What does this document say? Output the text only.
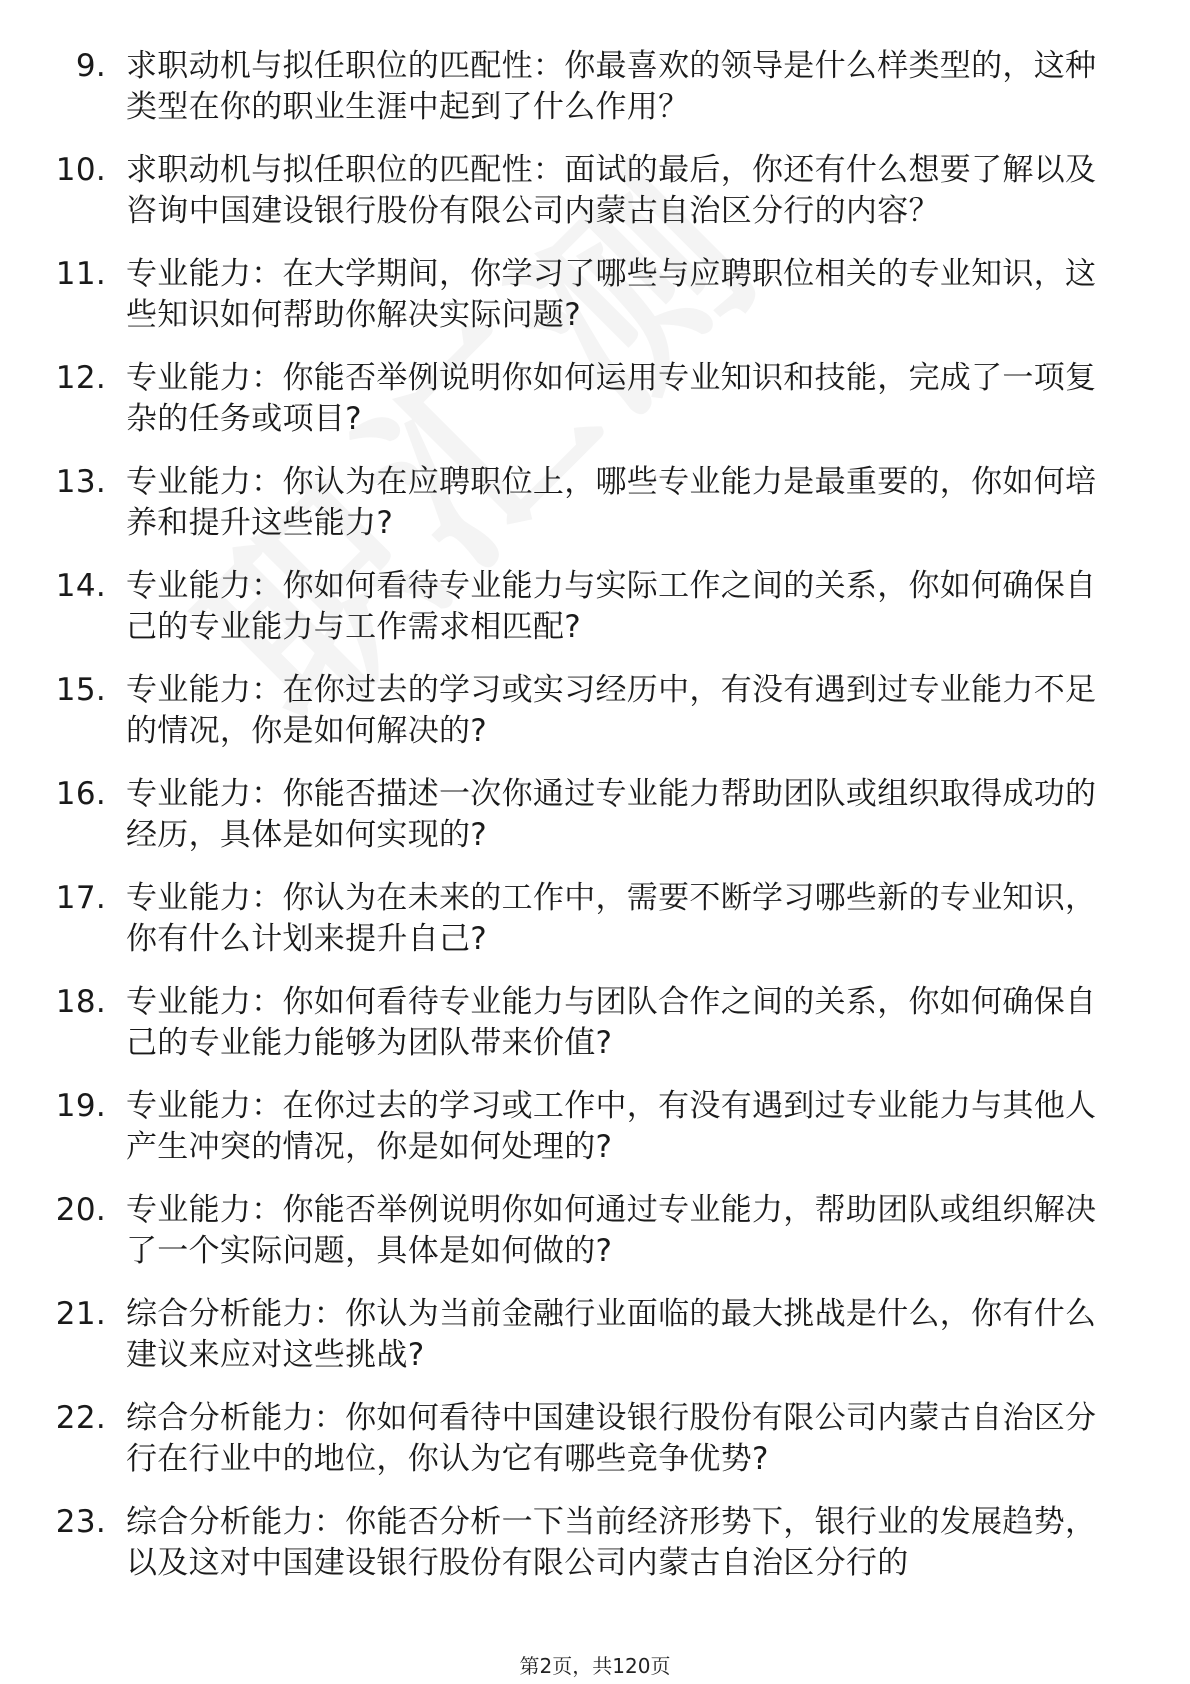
9. 求职动机与拟任职位的匹配性：你最喜欢的领导是什么样类型的，这种类型在你的职业生涯中起到了什么作用？
10. 求职动机与拟任职位的匹配性：面试的最后，你还有什么想要了解以及咨询中国建设银行股份有限公司内蒙古自治区分行的内容？
11. 专业能力：在大学期间，你学习了哪些与应聘职位相关的专业知识，这些知识如何帮助你解决实际问题?
12. 专业能力：你能否举例说明你如何运用专业知识和技能，完成了一项复杂的任务或项目?
13. 专业能力：你认为在应聘职位上，哪些专业能力是最重要的，你如何培养和提升这些能力?
14. 专业能力：你如何看待专业能力与实际工作之间的关系，你如何确保自己的专业能力与工作需求相匹配?
15. 专业能力：在你过去的学习或实习经历中，有没有遇到过专业能力不足的情况，你是如何解决的?
16. 专业能力：你能否描述一次你通过专业能力帮助团队或组织取得成功的经历，具体是如何实现的?
17. 专业能力：你认为在未来的工作中，需要不断学习哪些新的专业知识，你有什么计划来提升自己?
18. 专业能力：你如何看待专业能力与团队合作之间的关系，你如何确保自己的专业能力能够为团队带来价值?
19. 专业能力：在你过去的学习或工作中，有没有遇到过专业能力与其他人产生冲突的情况，你是如何处理的?
20. 专业能力：你能否举例说明你如何通过专业能力，帮助团队或组织解决了一个实际问题，具体是如何做的?
21. 综合分析能力：你认为当前金融行业面临的最大挑战是什么，你有什么建议来应对这些挑战?
22. 综合分析能力：你如何看待中国建设银行股份有限公司内蒙古自治区分行在行业中的地位，你认为它有哪些竞争优势?
23. 综合分析能力：你能否分析一下当前经济形势下，银行业的发展趋势，以及这对中国建设银行股份有限公司内蒙古自治区分行的
第2页，共120页
